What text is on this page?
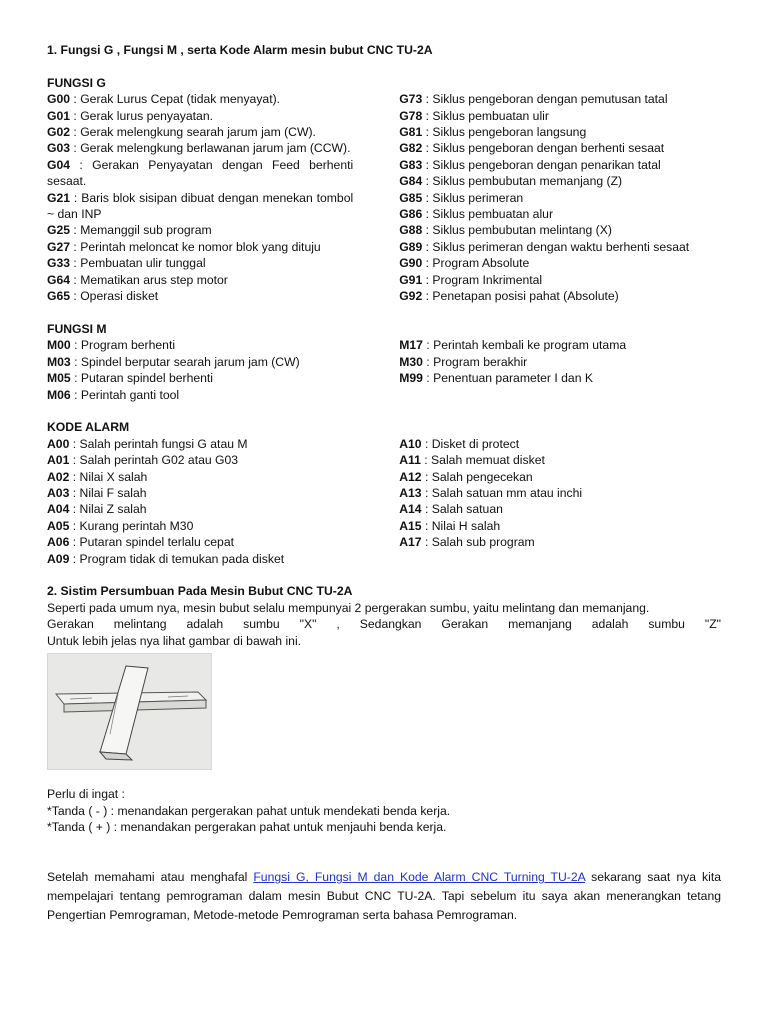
1. Fungsi G , Fungsi M , serta Kode Alarm mesin bubut CNC TU-2A
FUNGSI G
G00 : Gerak Lurus Cepat (tidak menyayat).
G01 : Gerak lurus penyayatan.
G02 : Gerak melengkung searah jarum jam (CW).
G03 : Gerak melengkung berlawanan jarum jam (CCW).
G04 : Gerakan Penyayatan dengan Feed berhenti sesaat.
G21 : Baris blok sisipan dibuat dengan menekan tombol ~ dan INP
G25 : Memanggil sub program
G27 : Perintah meloncat ke nomor blok yang dituju
G33 : Pembuatan ulir tunggal
G64 : Mematikan arus step motor
G65 : Operasi disket
G73 : Siklus pengeboran dengan pemutusan tatal
G78 : Siklus pembuatan ulir
G81 : Siklus pengeboran langsung
G82 : Siklus pengeboran dengan berhenti sesaat
G83 : Siklus pengeboran dengan penarikan tatal
G84 : Siklus pembubutan memanjang (Z)
G85 : Siklus perimeran
G86 : Siklus pembuatan alur
G88 : Siklus pembubutan melintang (X)
G89 : Siklus perimeran dengan waktu berhenti sesaat
G90 : Program Absolute
G91 : Program Inkrimental
G92 : Penetapan posisi pahat (Absolute)
FUNGSI M
M00 : Program berhenti
M03 : Spindel berputar searah jarum jam (CW)
M05 : Putaran spindel berhenti
M06 : Perintah ganti tool
M17 : Perintah kembali ke program utama
M30 : Program berakhir
M99 : Penentuan parameter I dan K
KODE ALARM
A00 : Salah perintah fungsi G atau M
A01 : Salah perintah G02 atau G03
A02 : Nilai X salah
A03 : Nilai F salah
A04 : Nilai Z salah
A05 : Kurang perintah M30
A06 : Putaran spindel terlalu cepat
A09 : Program tidak di temukan pada disket
A10 : Disket di protect
A11 : Salah memuat disket
A12 : Salah pengecekan
A13 : Salah satuan mm atau inchi
A14 : Salah satuan
A15 : Nilai H salah
A17 : Salah sub program
2. Sistim Persumbuan Pada Mesin Bubut CNC TU-2A
Seperti pada umum nya, mesin bubut selalu mempunyai 2 pergerakan sumbu, yaitu melintang dan memanjang.
Gerakan melintang adalah sumbu "X" , Sedangkan Gerakan memanjang adalah sumbu "Z"
Untuk lebih jelas nya lihat gambar di bawah ini.
Perlu di ingat :
*Tanda ( - ) : menandakan pergerakan pahat untuk mendekati benda kerja.
*Tanda ( + ) : menandakan pergerakan pahat untuk menjauhi benda kerja.
Setelah memahami atau menghafal Fungsi G, Fungsi M dan Kode Alarm CNC Turning TU-2A sekarang saat nya kita mempelajari tentang pemrograman dalam mesin Bubut CNC TU-2A. Tapi sebelum itu saya akan menerangkan tetang Pengertian Pemrograman, Metode-metode Pemrograman serta bahasa Pemrograman.
